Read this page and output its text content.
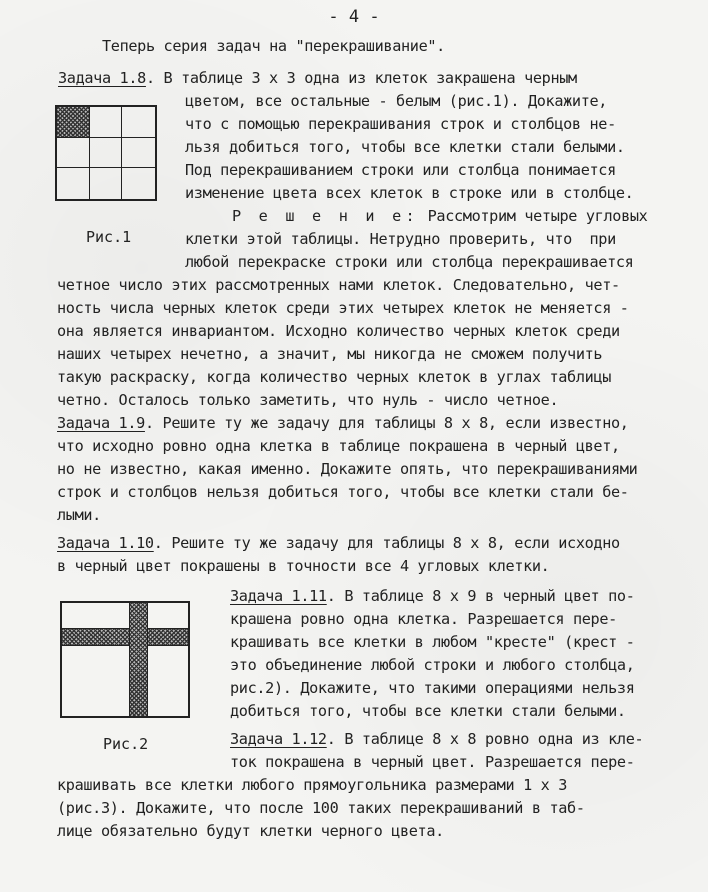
- 4 -
Теперь серия задач на "перекрашивание".
Задача 1.8. В таблице 3 х 3 одна из клеток закрашена черным
цветом, все остальные - белым (рис.1). Докажите,
что с помощью перекрашивания строк и столбцов не-
льзя добиться того, чтобы все клетки стали белыми.
Под перекрашиванием строки или столбца понимается
изменение цвета всех клеток в строке или в столбце.
Р е ш е н и е: Рассмотрим четыре угловых
клетки этой таблицы. Нетрудно проверить, что  при
любой перекраске строки или столбца перекрашивается
четное число этих рассмотренных нами клеток. Следовательно, чет-
ность числа черных клеток среди этих четырех клеток не меняется -
она является инвариантом. Исходно количество черных клеток среди
наших четырех нечетно, а значит, мы никогда не сможем получить
такую раскраску, когда количество черных клеток в углах таблицы
четно. Осталось только заметить, что нуль - число четное.
Рис.1
Задача 1.9. Решите ту же задачу для таблицы 8 х 8, если известно,
что исходно ровно одна клетка в таблице покрашена в черный цвет,
но не известно, какая именно. Докажите опять, что перекрашиваниями
строк и столбцов нельзя добиться того, чтобы все клетки стали бе-
лыми.
Задача 1.10. Решите ту же задачу для таблицы 8 х 8, если исходно
в черный цвет покрашены в точности все 4 угловых клетки.
Задача 1.11. В таблице 8 х 9 в черный цвет по-
крашена ровно одна клетка. Разрешается пере-
крашивать все клетки в любом "кресте" (крест -
это объединение любой строки и любого столбца,
рис.2). Докажите, что такими операциями нельзя
добиться того, чтобы все клетки стали белыми.
Рис.2	Задача 1.12. В таблице 8 х 8 ровно одна из кле-
ток покрашена в черный цвет. Разрешается пере-
крашивать все клетки любого прямоугольника размерами 1 х 3
(рис.3). Докажите, что после 100 таких перекрашиваний в таб-
лице обязательно будут клетки черного цвета.
